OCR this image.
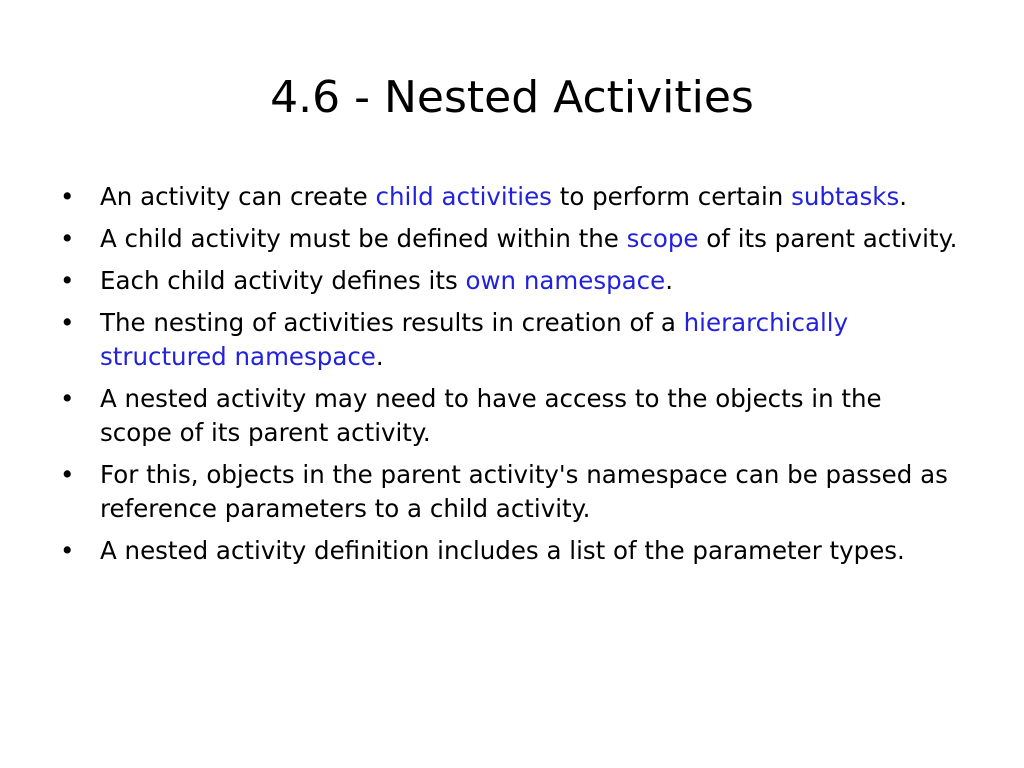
4.6 - Nested Activities
• An activity can create child activities to perform certain subtasks.
• A child activity must be defined within the scope of its parent activity.
• Each child activity defines its own namespace.
• The nesting of activities results in creation of a hierarchically structured namespace.
• A nested activity may need to have access to the objects in the scope of its parent activity.
• For this, objects in the parent activity's namespace can be passed as reference parameters to a child activity.
• A nested activity definition includes a list of the parameter types.
